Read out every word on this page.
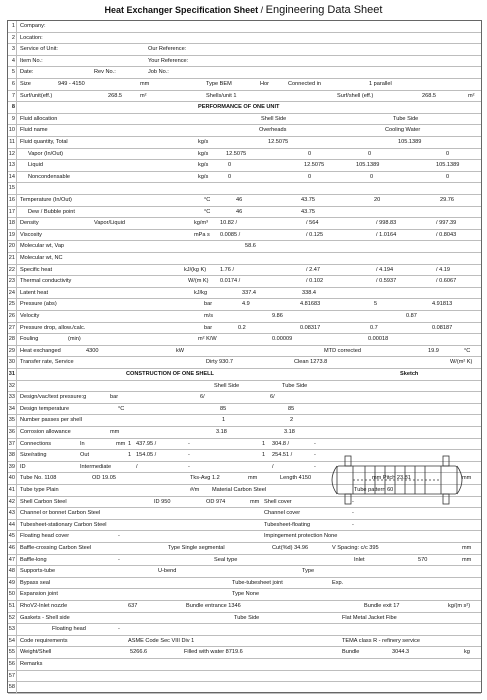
Heat Exchanger Specification Sheet / Engineering Data Sheet
58
57
56 Remarks
55 Weight/Shell	5266.6	Filled with water 8719.6	Bundle	3044.3	kg
54 Code requirements	ASME Code Sec VIII Div 1	TEMA class R - refinery service
53	Floating head	-
52 Gaskets - Shell side	Tube Side	Flat Metal Jacket Fibe
51 RhoV2-Inlet nozzle	637	Bundle entrance 1346	Bundle exit 17	kg/(m s²)
50 Expansion joint	Type None
49 Bypass seal	Tube-tubesheet joint	Exp.
48 Supports-tube	U-bend	Type
47 Baffle-long	-	Seal type	Inlet	570	mm
46 Baffle-crossing Carbon Steel	Type Single segmental	Cut(%d) 34.96	V Spacing: c/c 395	mm
45 Floating head cover	-	Impingement protection None
44 Tubesheet-stationary Carbon Steel	Tubesheet-floating	-
43 Channel or bonnet Carbon Steel	Channel cover	-
42 Shell Carbon Steel	ID 950	OD 974	mm Shell cover	-
41 Tube type Plain	#/m Material Carbon Steel	Tube pattern 60
40 Tube No. 1108	OD 19.05	Tks-Avg 1.2	mm	Length 4150	mm Pitch 23.81	mm
39 ID	Intermediate	/	-	/	-
38 Size/rating	Out	1 154.05 /	-	1 254.51 /	-
37 Connections	In	mm 1 437.95 /	-	1 304.8 /	-
36 Corrosion allowance	mm	3.18	3.18
35 Number passes per shell	1	2
34 Design temperature	°C	85	85
33 Design/vac/test pressure:g	bar	6/	6/
32	Shell Side	Tube Side
31	CONSTRUCTION OF ONE SHELL	Sketch
30 Transfer rate, Service	Dirty 930.7	Clean 1273.8	W/(m² K)
29 Heat exchanged	4300	kW	MTD corrected	19.9	°C
28 Fouling	(min)	m² K/W	0.00009	0.00018
27 Pressure drop, allow./calc.	bar	0.2	0.08317	0.7	0.08187
26 Velocity	m/s	9.86	0.87
25 Pressure (abs)	bar	4.9	4.81683	5	4.91813
24 Latent heat	kJ/kg	337.4	338.4
23 Thermal conductivity	W/(m K) 0.0174 /	/ 0.102	/ 0.5937	/ 0.6067
22 Specific heat	kJ/(kg K) 1.76 /	/ 2.47	/ 4.194	/ 4.19
21 Molecular wt, NC
20 Molecular wt, Vap	58.6
19 Viscosity	mPa s 0.0085 /	/ 0.125	/ 1.0164	/ 0.8043
18 Density	Vapor/Liquid	kg/m³ 10.82 /	/ 564	/ 998.83	/ 997.39
17	Dew / Bubble point	°C	46	43.75
16 Temperature (In/Out)	°C	46	43.75	20	29.76
15
14	Noncondensable	kg/s	0	0	0	0
13	Liquid	kg/s	0	12.5075	105.1389	105.1389
12	Vapor (In/Out)	kg/s	12.5075	0	0	0
11 Fluid quantity, Total	kg/s	12.5075	105.1389
10 Fluid name	Overheads	Cooling Water
9 Fluid allocation	Shell Side	Tube Side
8	PERFORMANCE OF ONE UNIT
7 Surf/unit(eff.)	268.5	m²	Shells/unit 1	Surf/shell (eff.)	268.5	m²
6 Size	949 - 4150	mm	Type BEM	Hor	Connected in	1 parallel
5 Date:	Rev No.:	Job No.:
4 Item No.:	Your Reference:
3 Service of Unit:	Our Reference:
2 Location:
1 Company:
